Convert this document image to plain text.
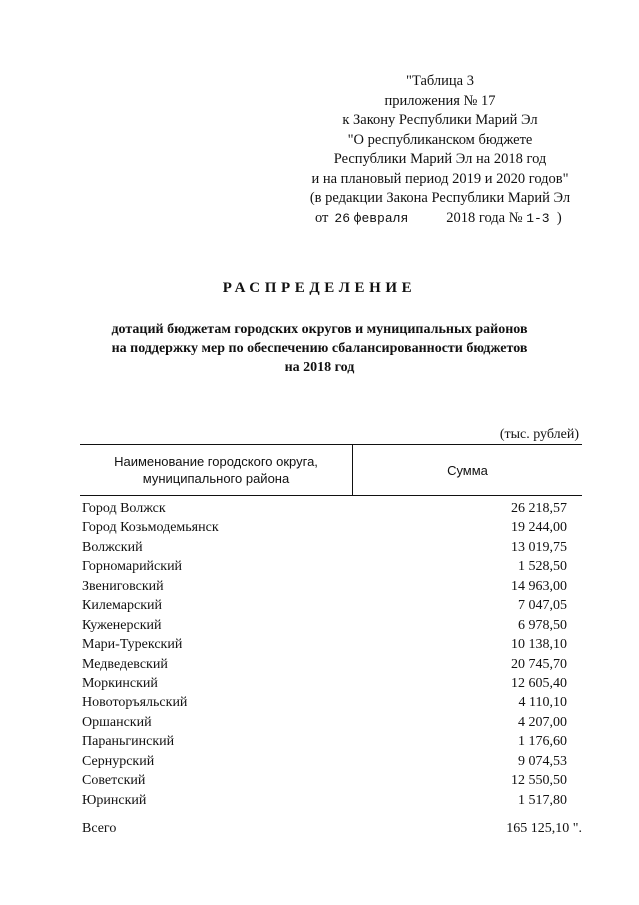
"Таблица 3
приложения № 17
к Закону Республики Марий Эл
"О республиканском бюджете
Республики Марий Эл на 2018 год
и на плановый период 2019 и 2020 годов"
(в редакции Закона Республики Марий Эл
от 26 февраля	2018 года № 1-3 )
РАСПРЕДЕЛЕНИЕ
дотаций бюджетам городских округов и муниципальных районов
на поддержку мер по обеспечению сбалансированности бюджетов
на 2018 год
(тыс. рублей)
Наименование городского округа,
муниципального района
Сумма
Город Волжск	26 218,57
Город Козьмодемьянск	19 244,00
Волжский	13 019,75
Горномарийский	1 528,50
Звениговский	14 963,00
Килемарский	7 047,05
Куженерский	6 978,50
Мари-Турекский	10 138,10
Медведевский	20 745,70
Моркинский	12 605,40
Новоторъяльский	4 110,10
Оршанский	4 207,00
Параньгинский	1 176,60
Сернурский	9 074,53
Советский	12 550,50
Юринский	1 517,80
Всего	165 125,10 ".
